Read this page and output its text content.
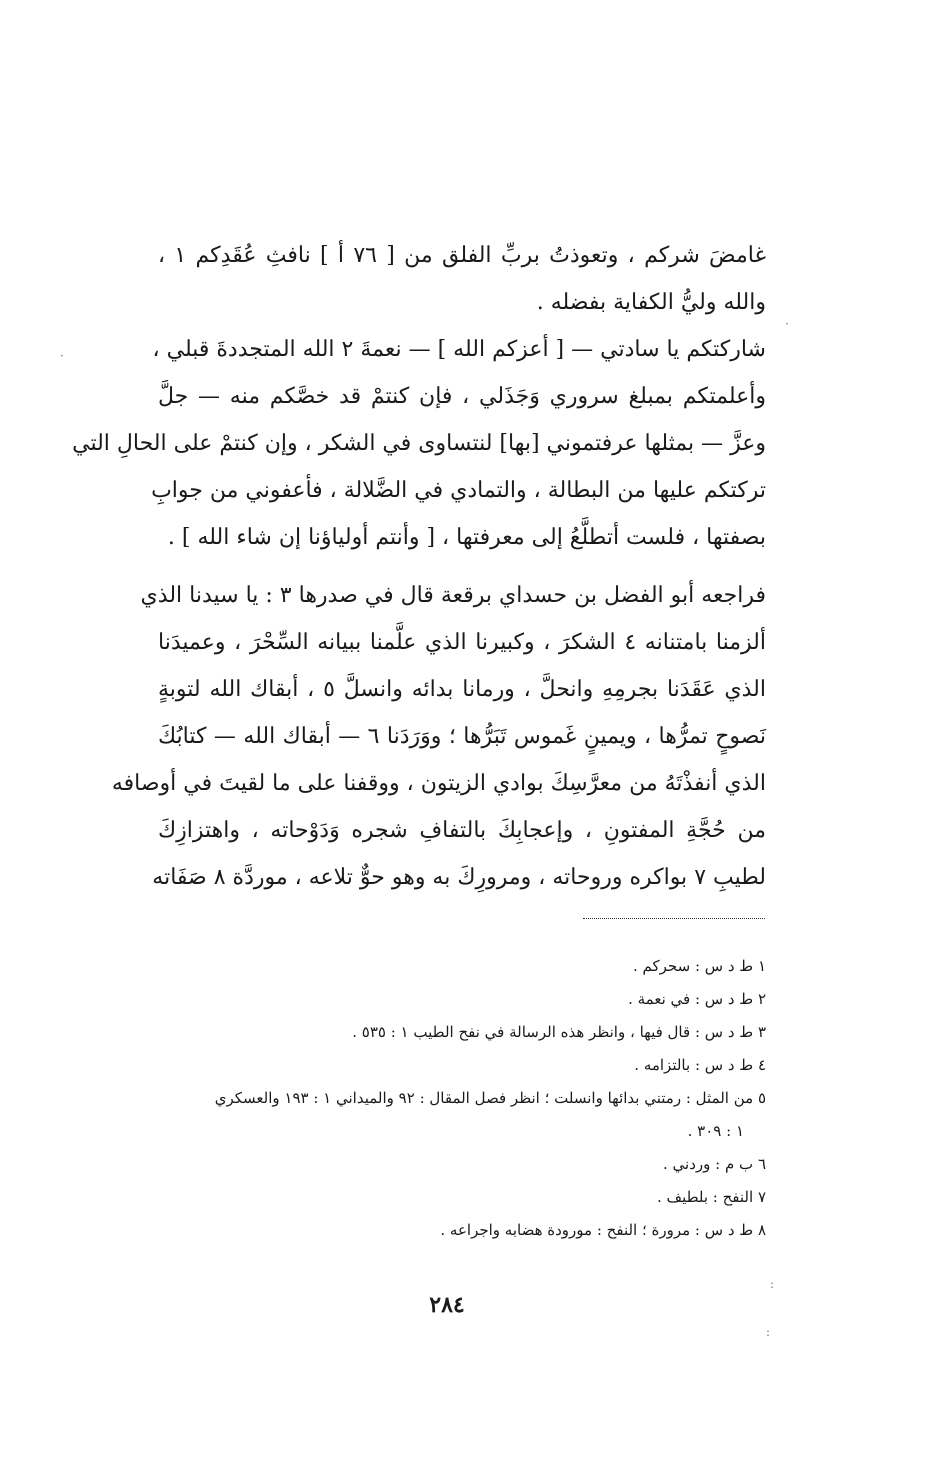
غامضَ شركم ، وتعوذتُ بربِّ الفلق من [ ٧٦ أ ] نافثِ عُقَدِكم ١ ،
والله وليُّ الكفاية بفضله .
شاركتكم يا سادتي — [ أعزكم الله ] — نعمةَ ٢ الله المتجددةَ قبلي ،
وأعلمتكم بمبلغ سروري وَجَذَلي ، فإن كنتمْ قد خصَّكم منه — جلَّ
وعزَّ — بمثلها عرفتموني [بها] لنتساوى في الشكر ، وإن كنتمْ على الحالِ التي
تركتكم عليها من البطالة ، والتمادي في الضَّلالة ، فأعفوني من جوابِ
بصفتها ، فلست أتطلَّعُ إلى معرفتها ، [ وأنتم أولياؤنا إن شاء الله ] .
فراجعه أبو الفضل بن حسداي برقعة قال في صدرها ٣ : يا سيدنا الذي
ألزمنا بامتنانه ٤ الشكرَ ، وكبيرنا الذي علَّمنا ببيانه السِّحْرَ ، وعميدَنا
الذي عَقَدَنا بجرمِهِ وانحلَّ ، ورمانا بدائه وانسلَّ ٥ ، أبقاك الله لتوبةٍ
نَصوحٍ تمرُّها ، ويمينٍ غَموس تَبَرُّها ؛ ووَرَدَنا ٦ — أبقاك الله — كتابُكَ
الذي أنفذْتَهُ من معرَّسِكَ بوادي الزيتون ، ووقفنا على ما لقيتَ في أوصافه
من حُجَّةِ المفتونِ ، وإعجابِكَ بالتفافِ شجره وَدَوْحاته ، واهتزازِكَ
لطيبِ ٧ بواكره وروحاته ، ومرورِكَ به وهو حوٌّ تلاعه ، موردَّة ٨ صَفَاته
١ ط د س : سحركم .
٢ ط د س : في نعمة .
٣ ط د س : قال فيها ، وانظر هذه الرسالة في نفح الطيب ١ : ٥٣٥ .
٤ ط د س : بالتزامه .
٥ من المثل : رمتني بدائها وانسلت ؛ انظر فصل المقال : ٩٢ والميداني ١ : ١٩٣ والعسكري
١ : ٣٠٩ .
٦ ب م : وردني .
٧ النفح : بلطيف .
٨ ط د س : مرورة ؛ النفح : مورودة هضابه واجراعه .
٢٨٤
·
·
:
:
